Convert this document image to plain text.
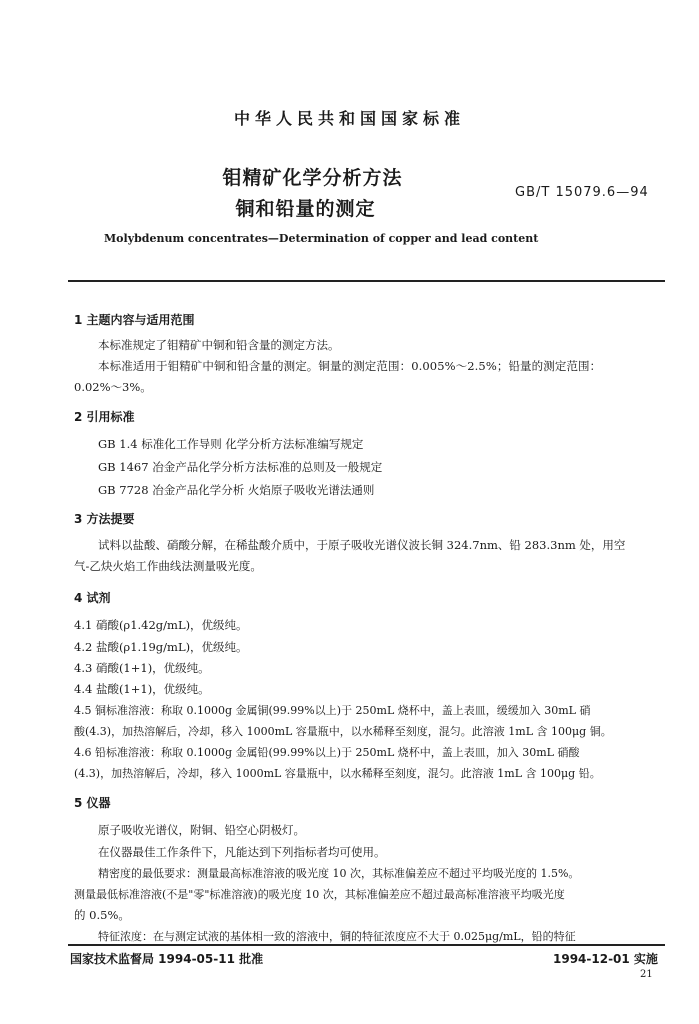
中华人民共和国国家标准
钼精矿化学分析方法
铜和铅量的测定
GB/T 15079.6—94
Molybdenum concentrates—Determination of copper and lead content
1 主题内容与适用范围
本标准规定了钼精矿中铜和铅含量的测定方法。
本标准适用于钼精矿中铜和铅含量的测定。铜量的测定范围：0.005%～2.5%；铅量的测定范围：
0.02%～3%。
2 引用标准
GB 1.4 标准化工作导则 化学分析方法标准编写规定
GB 1467 冶金产品化学分析方法标准的总则及一般规定
GB 7728 冶金产品化学分析 火焰原子吸收光谱法通则
3 方法提要
试料以盐酸、硝酸分解，在稀盐酸介质中，于原子吸收光谱仪波长铜 324.7nm、铅 283.3nm 处，用空
气-乙炔火焰工作曲线法测量吸光度。
4 试剂
4.1 硝酸(ρ1.42g/mL)，优级纯。
4.2 盐酸(ρ1.19g/mL)，优级纯。
4.3 硝酸(1+1)，优级纯。
4.4 盐酸(1+1)，优级纯。
4.5 铜标准溶液：称取 0.1000g 金属铜(99.99%以上)于 250mL 烧杯中，盖上表皿，缓缓加入 30mL 硝
酸(4.3)，加热溶解后，冷却，移入 1000mL 容量瓶中，以水稀释至刻度，混匀。此溶液 1mL 含 100μg 铜。
4.6 铅标准溶液：称取 0.1000g 金属铅(99.99%以上)于 250mL 烧杯中，盖上表皿，加入 30mL 硝酸
(4.3)，加热溶解后，冷却，移入 1000mL 容量瓶中，以水稀释至刻度，混匀。此溶液 1mL 含 100μg 铅。
5 仪器
原子吸收光谱仪，附铜、铅空心阴极灯。
在仪器最佳工作条件下，凡能达到下列指标者均可使用。
精密度的最低要求：测量最高标准溶液的吸光度 10 次，其标准偏差应不超过平均吸光度的 1.5%。
测量最低标准溶液(不是"零"标准溶液)的吸光度 10 次，其标准偏差应不超过最高标准溶液平均吸光度
的 0.5%。
特征浓度：在与测定试液的基体相一致的溶液中，铜的特征浓度应不大于 0.025μg/mL，铅的特征
国家技术监督局 1994-05-11 批准	1994-12-01 实施
21
